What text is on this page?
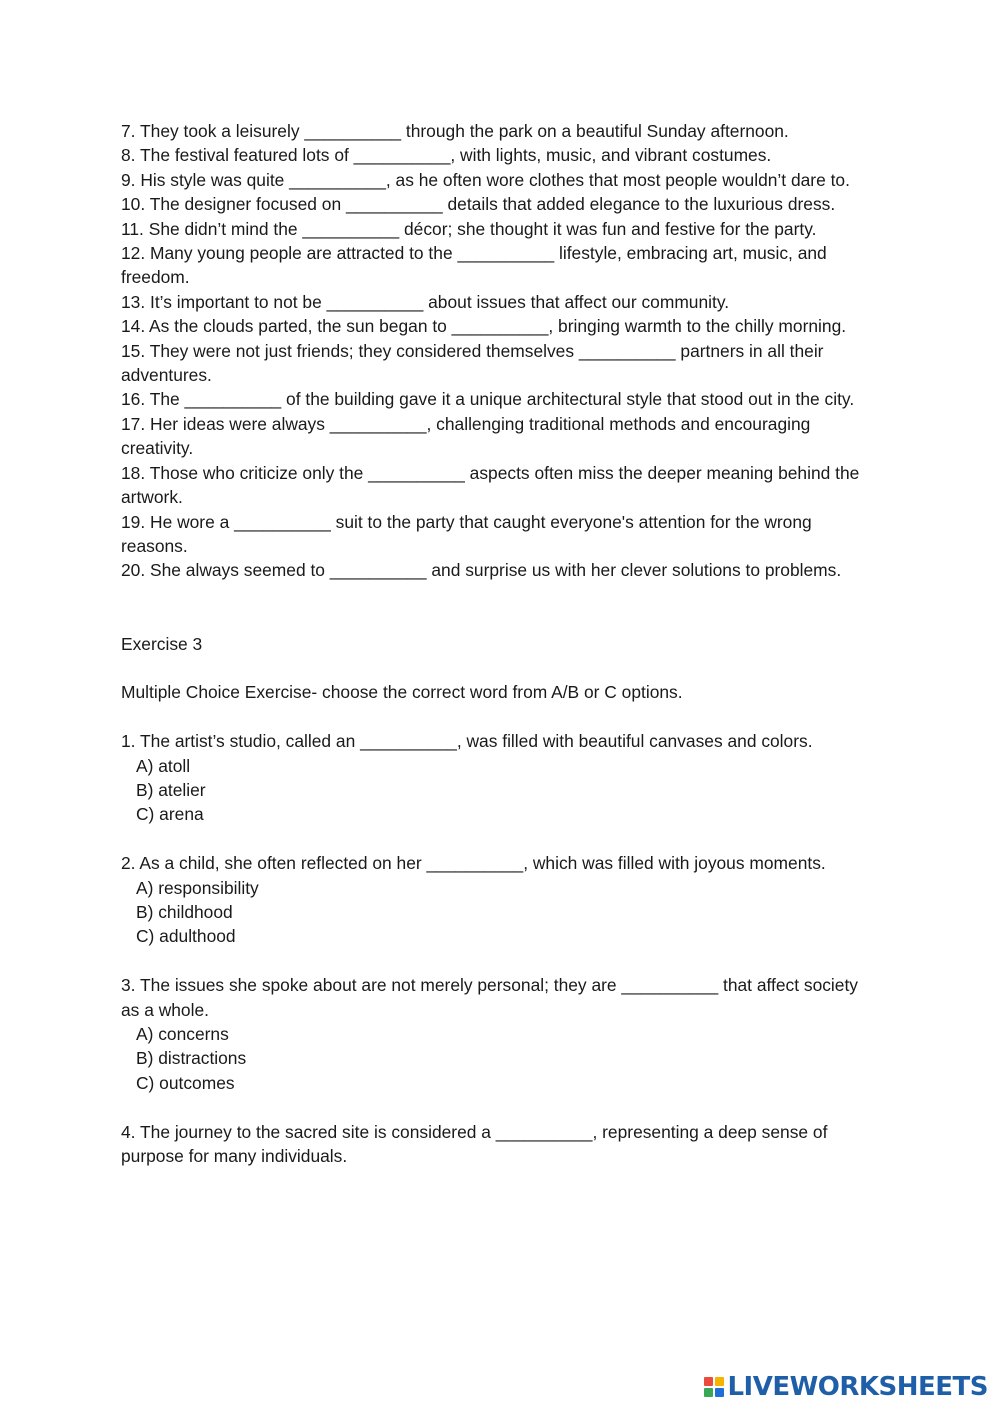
7. They took a leisurely __________ through the park on a beautiful Sunday afternoon.
8. The festival featured lots of __________, with lights, music, and vibrant costumes.
9. His style was quite __________, as he often wore clothes that most people wouldn’t dare to.
10. The designer focused on __________ details that added elegance to the luxurious dress.
11. She didn’t mind the __________ décor; she thought it was fun and festive for the party.
12. Many young people are attracted to the __________ lifestyle, embracing art, music, and freedom.
13. It’s important to not be __________ about issues that affect our community.
14. As the clouds parted, the sun began to __________, bringing warmth to the chilly morning.
15. They were not just friends; they considered themselves __________ partners in all their adventures.
16. The __________ of the building gave it a unique architectural style that stood out in the city.
17. Her ideas were always __________, challenging traditional methods and encouraging creativity.
18. Those who criticize only the __________ aspects often miss the deeper meaning behind the artwork.
19. He wore a __________ suit to the party that caught everyone's attention for the wrong reasons.
20. She always seemed to __________ and surprise us with her clever solutions to problems.
Exercise 3
Multiple Choice Exercise- choose the correct word from A/B or C options.
1. The artist’s studio, called an __________, was filled with beautiful canvases and colors.
A) atoll
B) atelier
C) arena
2. As a child, she often reflected on her __________, which was filled with joyous moments.
A) responsibility
B) childhood
C) adulthood
3. The issues she spoke about are not merely personal; they are __________ that affect society as a whole.
A) concerns
B) distractions
C) outcomes
4. The journey to the sacred site is considered a __________, representing a deep sense of purpose for many individuals.
LIVEWORKSHEETS
